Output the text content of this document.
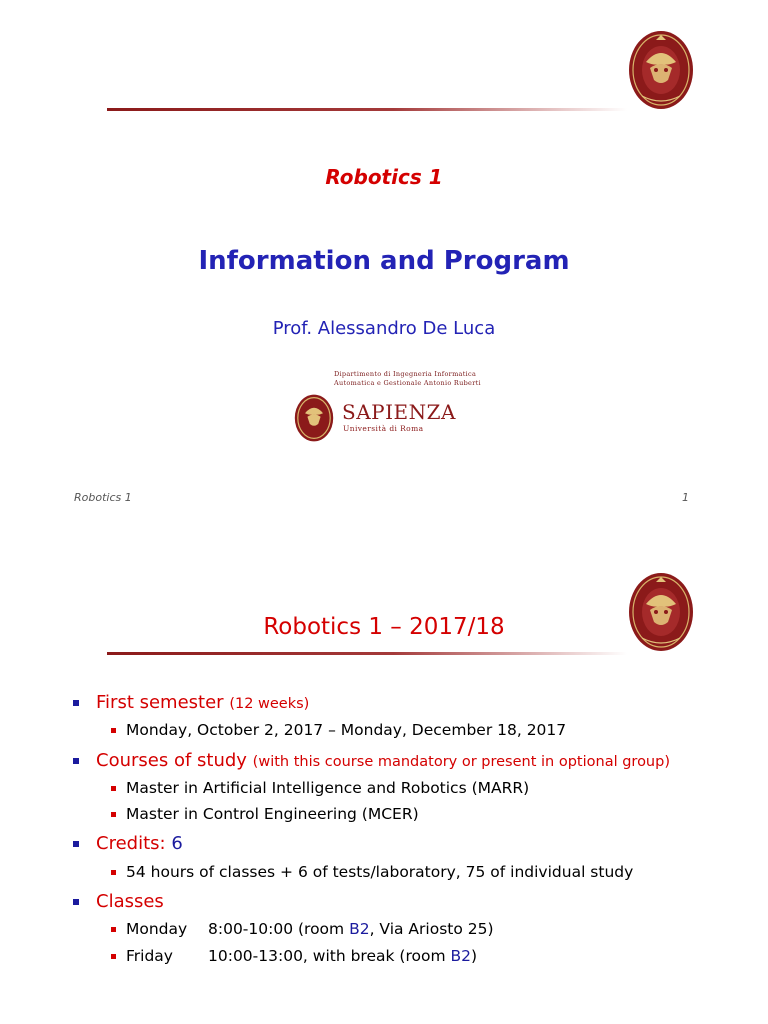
Robotics 1
Information and Program
Prof. Alessandro De Luca
Dipartimento di Ingegneria Informatica
Automatica e Gestionale Antonio Ruberti
SAPIENZA
Università di Roma
Robotics 1	1
Robotics 1 – 2017/18
First semester (12 weeks)
Monday, October 2, 2017 – Monday, December 18, 2017
Courses of study (with this course mandatory or present in optional group)
Master in Artificial Intelligence and Robotics (MARR)
Master in Control Engineering (MCER)
Credits: 6
54 hours of classes + 6 of tests/laboratory, 75 of individual study
Classes
Monday 8:00-10:00 (room B2, Via Ariosto 25)
Friday 10:00-13:00, with break (room B2)
